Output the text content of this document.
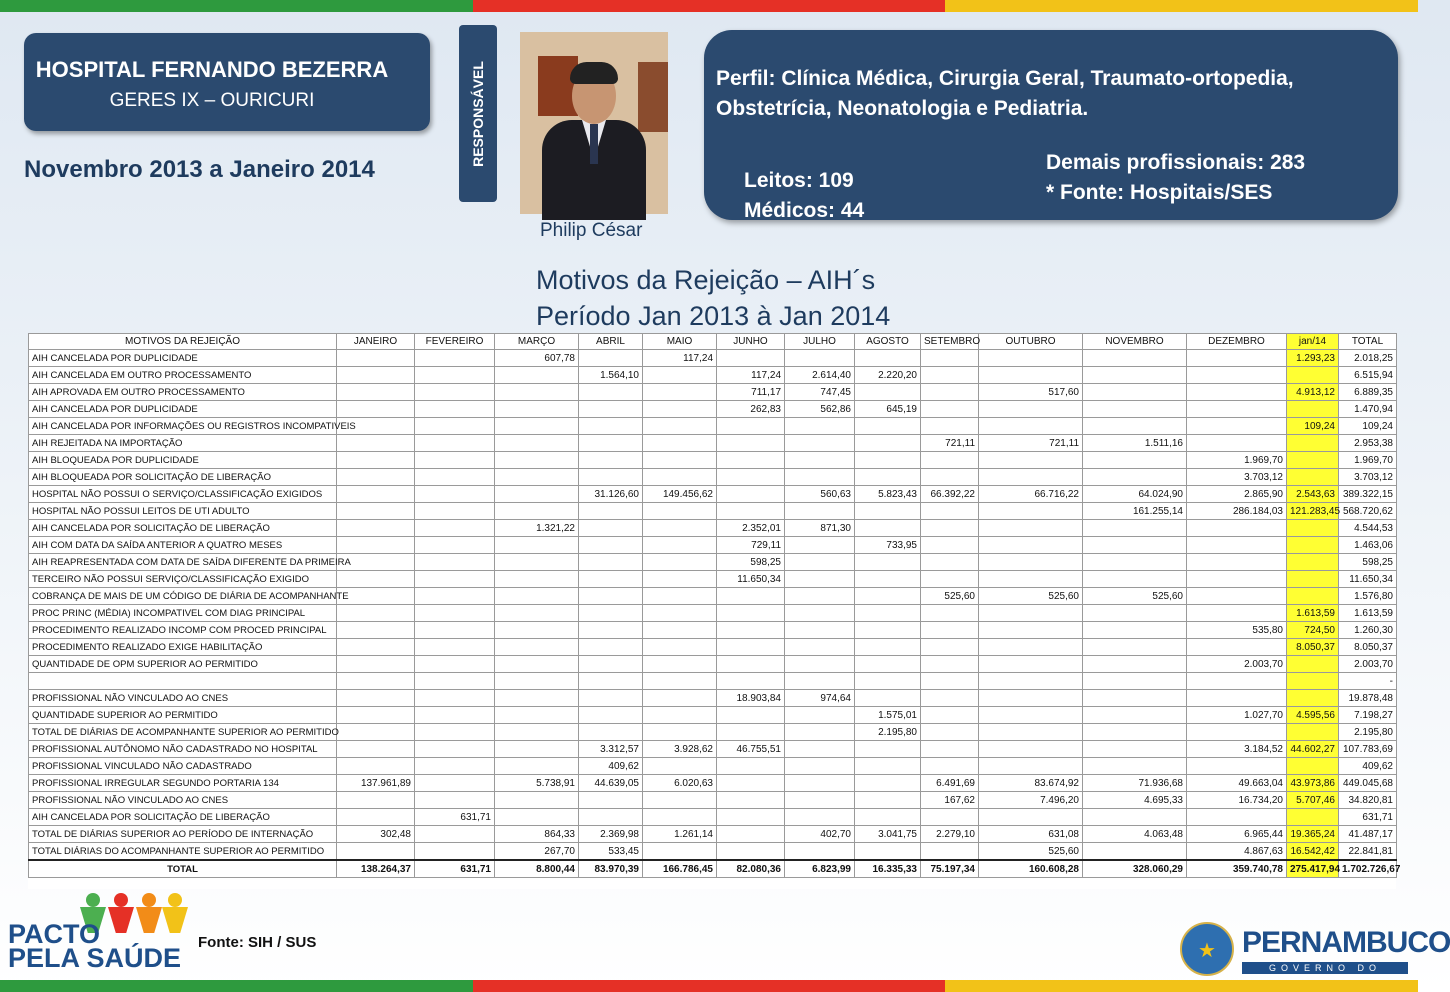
HOSPITAL FERNANDO BEZERRA
GERES IX – OURICURI
Novembro 2013 a Janeiro 2014
RESPONSÁVEL
Philip César
Perfil: Clínica Médica, Cirurgia Geral, Traumato-ortopedia, Obstetrícia, Neonatologia e Pediatria.
Leitos: 109
Médicos: 44
Demais profissionais: 283
* Fonte: Hospitais/SES
Motivos da Rejeição – AIH´s
Período Jan 2013 à Jan 2014
MOTIVOS DA REJEIÇÃO	JANEIRO	FEVEREIRO	MARÇO	ABRIL	MAIO	JUNHO	JULHO	AGOSTO	SETEMBRO	OUTUBRO	NOVEMBRO	DEZEMBRO	jan/14	TOTAL
AIH CANCELADA POR DUPLICIDADE			607,78		117,24								1.293,23	2.018,25
AIH CANCELADA EM OUTRO PROCESSAMENTO				1.564,10		117,24	2.614,40	2.220,20						6.515,94
AIH APROVADA EM OUTRO PROCESSAMENTO						711,17	747,45			517,60			4.913,12	6.889,35
AIH CANCELADA POR DUPLICIDADE						262,83	562,86	645,19						1.470,94
AIH CANCELADA POR INFORMAÇÕES OU REGISTROS INCOMPATIVEIS													109,24	109,24
AIH REJEITADA NA IMPORTAÇÃO									721,11	721,11	1.511,16			2.953,38
AIH BLOQUEADA POR DUPLICIDADE												1.969,70		1.969,70
AIH BLOQUEADA POR SOLICITAÇÃO DE LIBERAÇÃO												3.703,12		3.703,12
HOSPITAL NÃO POSSUI O SERVIÇO/CLASSIFICAÇÃO EXIGIDOS				31.126,60	149.456,62		560,63	5.823,43	66.392,22	66.716,22	64.024,90	2.865,90	2.543,63	389.322,15
HOSPITAL NÃO POSSUI LEITOS DE UTI ADULTO											161.255,14	286.184,03	121.283,45	568.720,62
AIH CANCELADA POR SOLICITAÇÃO DE LIBERAÇÃO			1.321,22			2.352,01	871,30							4.544,53
AIH COM DATA DA SAÍDA ANTERIOR A QUATRO MESES						729,11		733,95						1.463,06
AIH REAPRESENTADA COM DATA DE SAÍDA DIFERENTE DA PRIMEIRA						598,25								598,25
TERCEIRO NÃO POSSUI SERVIÇO/CLASSIFICAÇÃO EXIGIDO						11.650,34								11.650,34
COBRANÇA DE MAIS DE UM CÓDIGO DE DIÁRIA DE ACOMPANHANTE									525,60	525,60	525,60			1.576,80
PROC PRINC (MÉDIA) INCOMPATIVEL COM DIAG PRINCIPAL													1.613,59	1.613,59
PROCEDIMENTO REALIZADO INCOMP COM PROCED PRINCIPAL												535,80	724,50	1.260,30
PROCEDIMENTO REALIZADO EXIGE HABILITAÇÃO													8.050,37	8.050,37
QUANTIDADE DE OPM SUPERIOR AO PERMITIDO												2.003,70		2.003,70
														-
PROFISSIONAL NÃO VINCULADO AO CNES						18.903,84	974,64							19.878,48
QUANTIDADE SUPERIOR AO PERMITIDO								1.575,01				1.027,70	4.595,56	7.198,27
TOTAL DE DIÁRIAS DE ACOMPANHANTE SUPERIOR AO PERMITIDO								2.195,80						2.195,80
PROFISSIONAL AUTÔNOMO NÃO CADASTRADO NO HOSPITAL				3.312,57	3.928,62	46.755,51						3.184,52	44.602,27	107.783,69
PROFISSIONAL VINCULADO NÃO CADASTRADO				409,62										409,62
PROFISSIONAL IRREGULAR SEGUNDO PORTARIA 134	137.961,89		5.738,91	44.639,05	6.020,63				6.491,69	83.674,92	71.936,68	49.663,04	43.973,86	449.045,68
PROFISSIONAL NÃO VINCULADO AO CNES									167,62	7.496,20	4.695,33	16.734,20	5.707,46	34.820,81
AIH CANCELADA POR SOLICITAÇÃO DE LIBERAÇÃO		631,71												631,71
TOTAL DE DIÁRIAS SUPERIOR AO PERÍODO DE INTERNAÇÃO	302,48		864,33	2.369,98	1.261,14		402,70	3.041,75	2.279,10	631,08	4.063,48	6.965,44	19.365,24	41.487,17
TOTAL DIÁRIAS DO ACOMPANHANTE SUPERIOR AO PERMITIDO			267,70	533,45						525,60		4.867,63	16.542,42	22.841,81
TOTAL	138.264,37	631,71	8.800,44	83.970,39	166.786,45	82.080,36	6.823,99	16.335,33	75.197,34	160.608,28	328.060,29	359.740,78	275.417,94	1.702.726,67
PACTO
PELA SAÚDE
Fonte: SIH / SUS	★ PERNAMBUCO
GOVERNO DO
